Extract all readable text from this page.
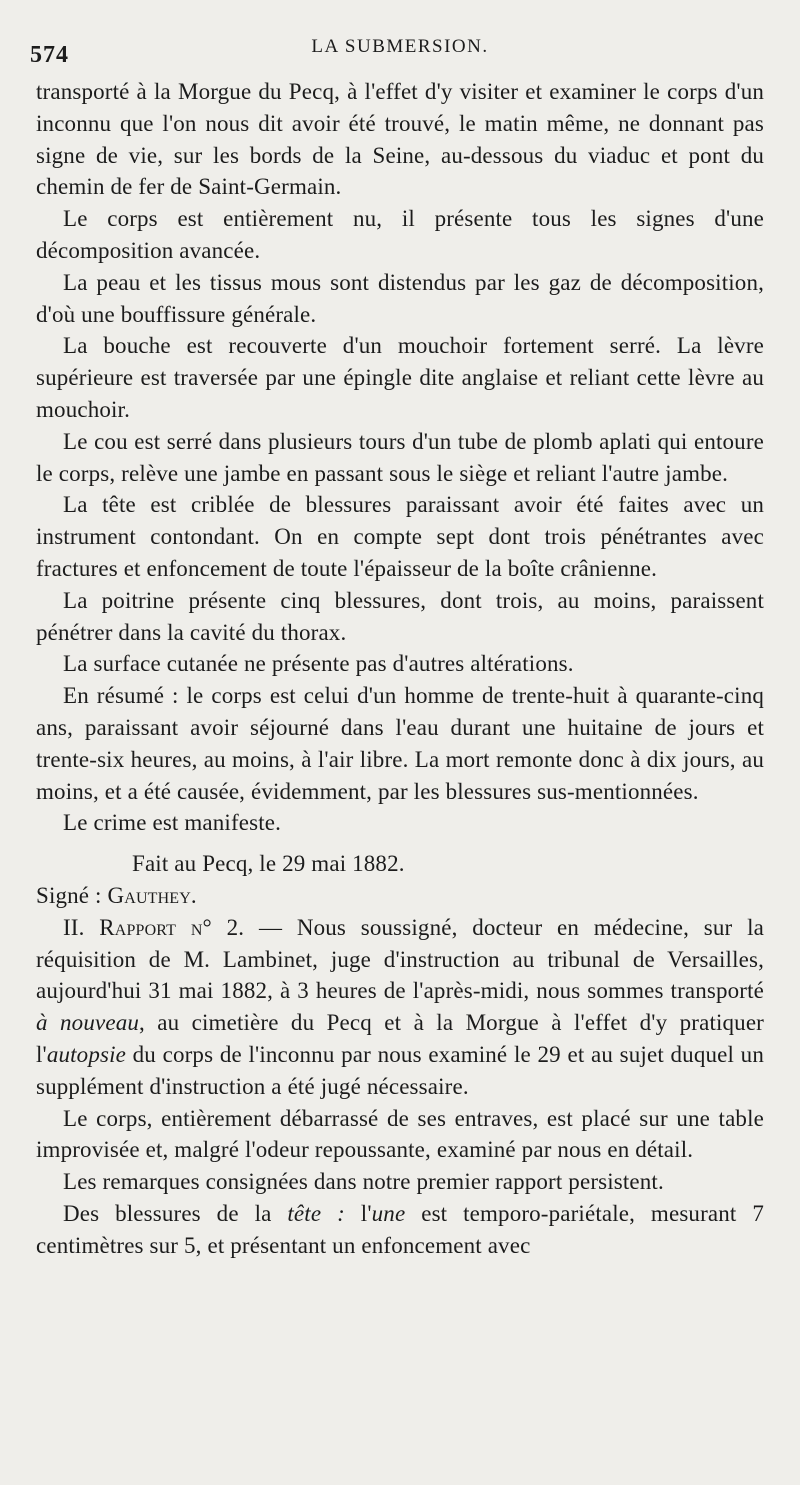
574	LA SUBMERSION.

transporté à la Morgue du Pecq, à l'effet d'y visiter et examiner le corps d'un inconnu que l'on nous dit avoir été trouvé, le matin même, ne donnant pas signe de vie, sur les bords de la Seine, au-dessous du viaduc et pont du chemin de fer de Saint-Germain.

Le corps est entièrement nu, il présente tous les signes d'une décomposition avancée.

La peau et les tissus mous sont distendus par les gaz de décomposition, d'où une bouffissure générale.

La bouche est recouverte d'un mouchoir fortement serré. La lèvre supérieure est traversée par une épingle dite anglaise et reliant cette lèvre au mouchoir.

Le cou est serré dans plusieurs tours d'un tube de plomb aplati qui entoure le corps, relève une jambe en passant sous le siège et reliant l'autre jambe.

La tête est criblée de blessures paraissant avoir été faites avec un instrument contondant. On en compte sept dont trois pénétrantes avec fractures et enfoncement de toute l'épaisseur de la boîte crânienne.

La poitrine présente cinq blessures, dont trois, au moins, paraissent pénétrer dans la cavité du thorax.

La surface cutanée ne présente pas d'autres altérations.

En résumé : le corps est celui d'un homme de trente-huit à quarante-cinq ans, paraissant avoir séjourné dans l'eau durant une huitaine de jours et trente-six heures, au moins, à l'air libre. La mort remonte donc à dix jours, au moins, et a été causée, évidemment, par les blessures sus-mentionnées.

Le crime est manifeste.

Fait au Pecq, le 29 mai 1882.

Signé : Gauthey.

II. Rapport n° 2. — Nous soussigné, docteur en médecine, sur la réquisition de M. Lambinet, juge d'instruction au tribunal de Versailles, aujourd'hui 31 mai 1882, à 3 heures de l'après-midi, nous sommes transporté à nouveau, au cimetière du Pecq et à la Morgue à l'effet d'y pratiquer l'autopsie du corps de l'inconnu par nous examiné le 29 et au sujet duquel un supplément d'instruction a été jugé nécessaire.

Le corps, entièrement débarrassé de ses entraves, est placé sur une table improvisée et, malgré l'odeur repoussante, examiné par nous en détail.

Les remarques consignées dans notre premier rapport persistent.

Des blessures de la tête : l'une est temporo-pariétale, mesurant 7 centimètres sur 5, et présentant un enfoncement avec
